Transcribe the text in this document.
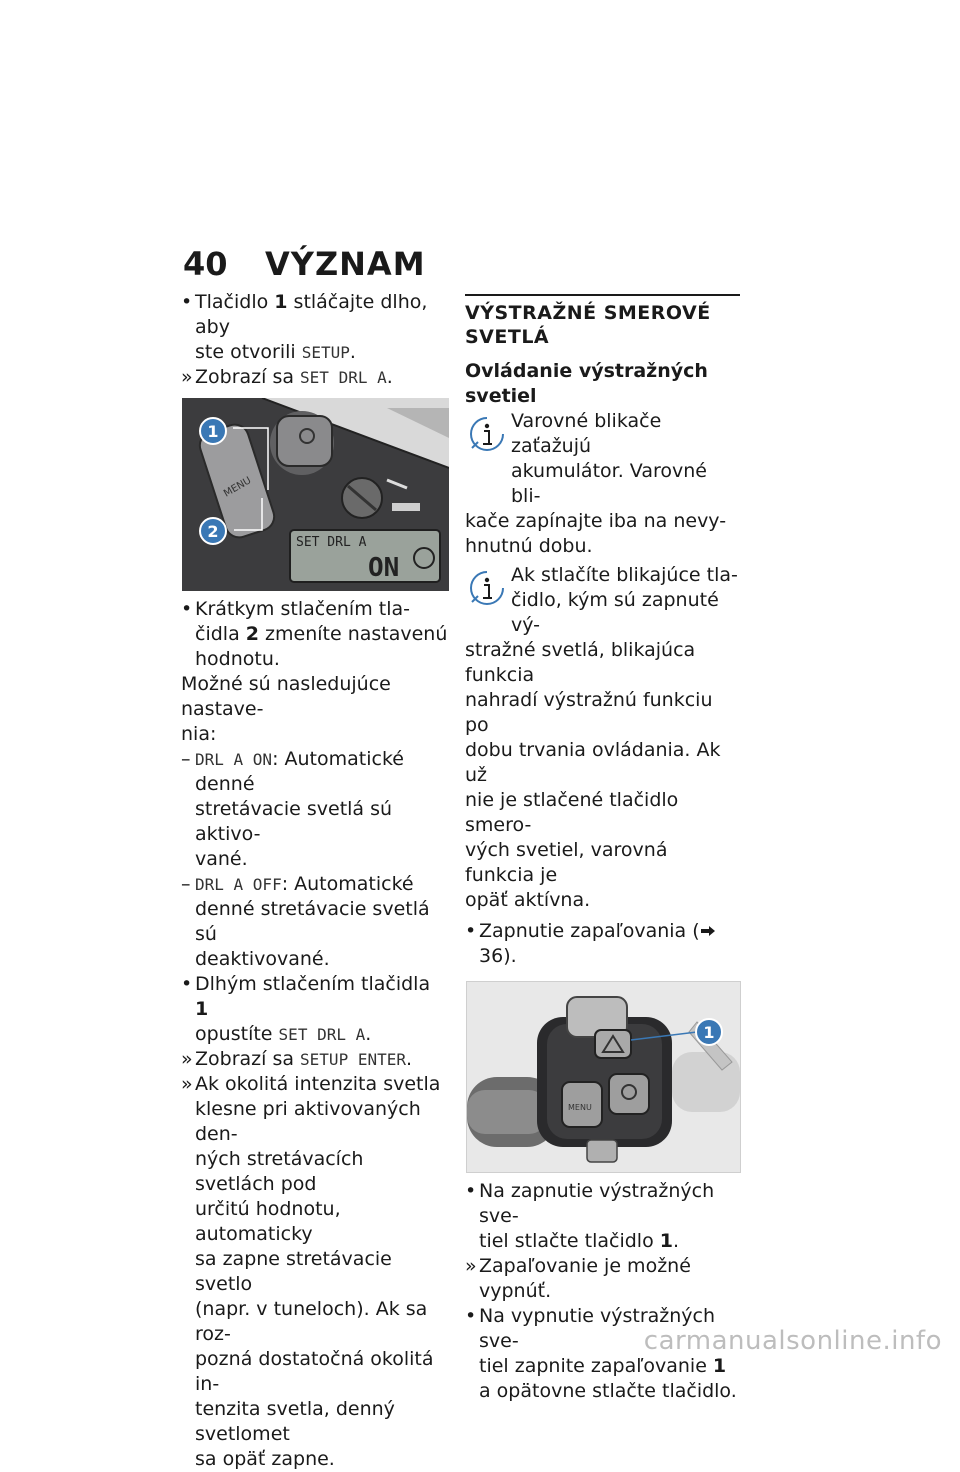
40 VÝZNAM
• Tlačidlo 1 stláčajte dlho, aby
ste otvorili SETUP.
» Zobrazí sa SET DRL A.
MENU
SET DRL A
ON
1
2
• Krátkym stlačením tla-
čidla 2 zmeníte nastavenú
hodnotu.

Možné sú nasledujúce nastave-
nia:

– DRL A ON: Automatické denné
stretávacie svetlá sú aktivo-
vané.
– DRL A OFF: Automatické
denné stretávacie svetlá sú
deaktivované.
• Dlhým stlačením tlačidla 1
opustíte SET DRL A.
» Zobrazí sa SETUP ENTER.
» Ak okolitá intenzita svetla
klesne pri aktivovaných den-
ných stretávacích svetlách pod
určitú hodnotu, automaticky
sa zapne stretávacie svetlo
(napr. v tuneloch). Ak sa roz-
pozná dostatočná okolitá in-
tenzita svetla, denný svetlomet
sa opäť zapne.
VÝSTRAŽNÉ SMEROVÉ
SVETLÁ
Ovládanie výstražných svetiel
Varovné blikače zaťažujú
akumulátor. Varovné bli-
kače zapínajte iba na nevy-
hnutnú dobu.
Ak stlačíte blikajúce tla-
čidlo, kým sú zapnuté vý-
stražné svetlá, blikajúca funkcia
nahradí výstražnú funkciu po
dobu trvania ovládania. Ak už
nie je stlačené tlačidlo smero-
vých svetiel, varovná funkcia je
opäť aktívna.
• Zapnutie zapaľovania (36).
MENU
1
• Na zapnutie výstražných sve-
tiel stlačte tlačidlo 1.
» Zapaľovanie je možné vypnúť.
• Na vypnutie výstražných sve-
tiel zapnite zapaľovanie 1
a opätovne stlačte tlačidlo.
carmanualsonline.info
